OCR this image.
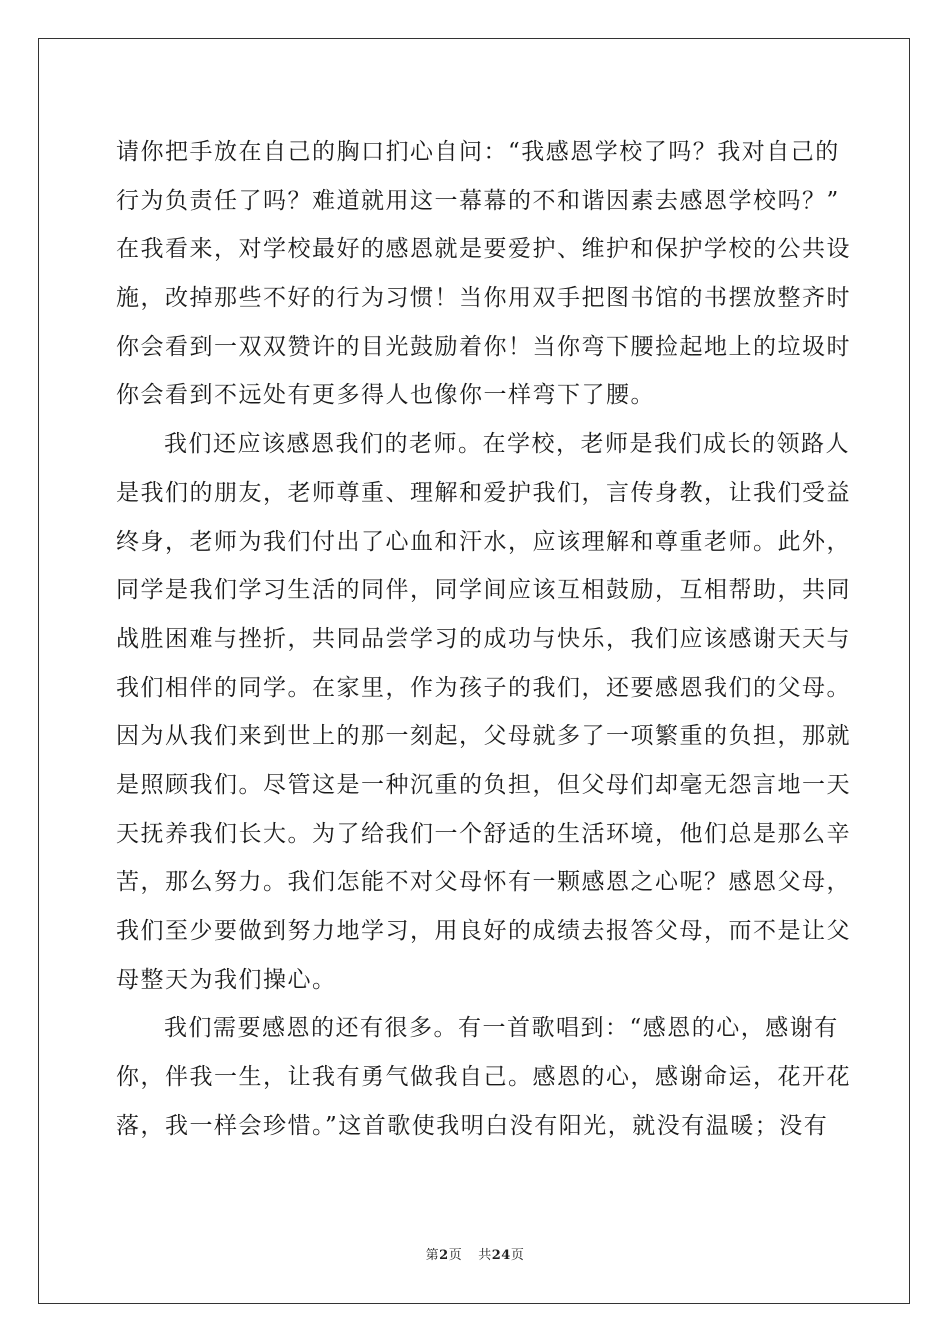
请你把手放在自己的胸口扪心自问：“我感恩学校了吗？我对自己的
行为负责任了吗？难道就用这一幕幕的不和谐因素去感恩学校吗？”
在我看来，对学校最好的感恩就是要爱护、维护和保护学校的公共设
施，改掉那些不好的行为习惯！当你用双手把图书馆的书摆放整齐时
你会看到一双双赞许的目光鼓励着你！当你弯下腰捡起地上的垃圾时
你会看到不远处有更多得人也像你一样弯下了腰。
我们还应该感恩我们的老师。在学校，老师是我们成长的领路人
是我们的朋友，老师尊重、理解和爱护我们，言传身教，让我们受益
终身，老师为我们付出了心血和汗水，应该理解和尊重老师。此外，
同学是我们学习生活的同伴，同学间应该互相鼓励，互相帮助，共同
战胜困难与挫折，共同品尝学习的成功与快乐，我们应该感谢天天与
我们相伴的同学。在家里，作为孩子的我们，还要感恩我们的父母。
因为从我们来到世上的那一刻起，父母就多了一项繁重的负担，那就
是照顾我们。尽管这是一种沉重的负担，但父母们却毫无怨言地一天
天抚养我们长大。为了给我们一个舒适的生活环境，他们总是那么辛
苦，那么努力。我们怎能不对父母怀有一颗感恩之心呢？感恩父母，
我们至少要做到努力地学习，用良好的成绩去报答父母，而不是让父
母整天为我们操心。
我们需要感恩的还有很多。有一首歌唱到：“感恩的心，感谢有
你，伴我一生，让我有勇气做我自己。感恩的心，感谢命运，花开花
落，我一样会珍惜。”这首歌使我明白没有阳光，就没有温暖；没有
第2页 共24页
